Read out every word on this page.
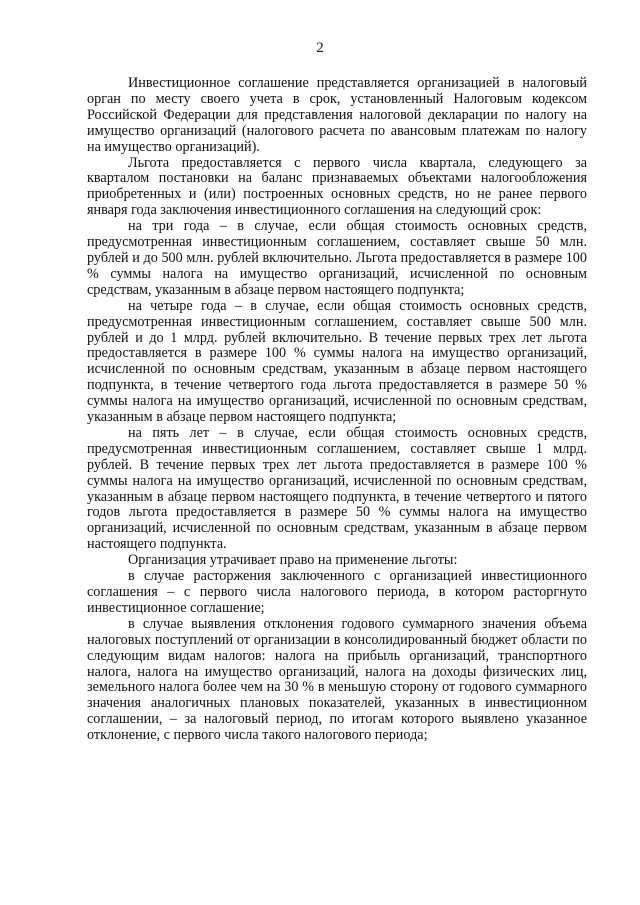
2

Инвестиционное соглашение представляется организацией в налоговый орган по месту своего учета в срок, установленный Налоговым кодексом Российской Федерации для представления налоговой декларации по налогу на имущество организаций (налогового расчета по авансовым платежам по налогу на имущество организаций).

Льгота предоставляется с первого числа квартала, следующего за кварталом постановки на баланс признаваемых объектами налогообложения приобретенных и (или) построенных основных средств, но не ранее первого января года заключения инвестиционного соглашения на следующий срок:

на три года – в случае, если общая стоимость основных средств, предусмотренная инвестиционным соглашением, составляет свыше 50 млн. рублей и до 500 млн. рублей включительно. Льгота предоставляется в размере 100 % суммы налога на имущество организаций, исчисленной по основным средствам, указанным в абзаце первом настоящего подпункта;

на четыре года – в случае, если общая стоимость основных средств, предусмотренная инвестиционным соглашением, составляет свыше 500 млн. рублей и до 1 млрд. рублей включительно. В течение первых трех лет льгота предоставляется в размере 100 % суммы налога на имущество организаций, исчисленной по основным средствам, указанным в абзаце первом настоящего подпункта, в течение четвертого года льгота предоставляется в размере 50 % суммы налога на имущество организаций, исчисленной по основным средствам, указанным в абзаце первом настоящего подпункта;

на пять лет – в случае, если общая стоимость основных средств, предусмотренная инвестиционным соглашением, составляет свыше 1 млрд. рублей. В течение первых трех лет льгота предоставляется в размере 100 % суммы налога на имущество организаций, исчисленной по основным средствам, указанным в абзаце первом настоящего подпункта, в течение четвертого и пятого годов льгота предоставляется в размере 50 % суммы налога на имущество организаций, исчисленной по основным средствам, указанным в абзаце первом настоящего подпункта.

Организация утрачивает право на применение льготы:

в случае расторжения заключенного с организацией инвестиционного соглашения – с первого числа налогового периода, в котором расторгнуто инвестиционное соглашение;

в случае выявления отклонения годового суммарного значения объема налоговых поступлений от организации в консолидированный бюджет области по следующим видам налогов: налога на прибыль организаций, транспортного налога, налога на имущество организаций, налога на доходы физических лиц, земельного налога более чем на 30 % в меньшую сторону от годового суммарного значения аналогичных плановых показателей, указанных в инвестиционном соглашении, – за налоговый период, по итогам которого выявлено указанное отклонение, с первого числа такого налогового периода;
